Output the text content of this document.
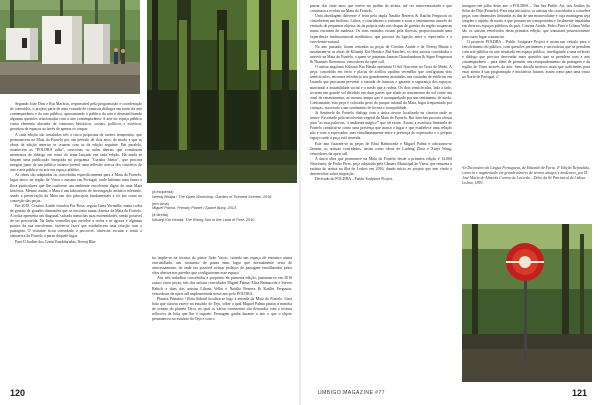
(à esquerda)
Neeraj Bhatia / The Open Workshop, Garden of Trunned Scenes, 2019
(em cima)
Miguel Palma, Primary Planet / Space Buoy, 2013
(à direita)
Kiluanji Kia Henda, The Rising Sun in the Land of Fear, 2010

Segundo João Dias e Rui Macário, responsável pela programação e coordenação de conteúdos, o projeto parte de uma vontade de construir diálogos em torno da arte contemporânea e da arte pública, aproximando o público da arte e desmistificando algumas questões relacionadas com a arte contemporânea. A arte no espaço público como elemento alavador de contextos históricos, sociais, políticos e estéticos, geradora de espaços ao ínvés de apenas os ocupar.

A cada edição são instalados três a cinco propostas de caráter temporário, que permanecem na Mata do Fontelo por um período de dois anos, de modo a que as obras da edição anterior se cruzem com as da edição seguinte. Em paralelo, acontecem as "POLDRA talks", conversas ou aulas abertas que constituem momentos de diálogo em torno do tema lançado em cada edição. Há ainda se lançam uma publicação integrada no programa "Curador Júnior", que procura integrar junto de um público infanto-juvenil uma reflexão acerca dos conceitos de arte e arte pública ou arte em espaço público.

As obras são adaptadas ou concebidas especificamente para a Mata do Fontelo, lugar único na região de Viseu e mesmo em Portugal, onde habitam uma fauna e flora particulares que lhe conferem um ambiente envolvente digno de uma Mata histórica. Mesmo assim, a Mata é um laboratório de investigação artística relevante, sendo a preservação da Mata um dos principais fundamentais a ter em conta na conceção das peças.

Em 2018, Cristina Ataíde instalou Por Rosa, seguiu Lima Vermelho numa rocha de granito de grandes dimensões que se encontra numa clareira da Mata do Fontelo. A rocha apresenta um diagonal, sulcada numa das suas extremidades, sendo possível de ser percorrida. Na linha vermelha que envolve a rocha e se agrava e algumas pontos da sua envolvente, fazem-se fazer que estabelecem uma relação com a paisagem. O visitante ficou convidado a percorrer, observar, escutar e sentir a atmosfera do Fontelo a partir daquele lugar.

Para O Jardim dos Cenas Emolduradas, Neeraj Bha-

tia impõe-se na técnica do pintor Grão Vasco, criando um espaço de encontro numa encruzilhada, um momento de pausa num lugar que normalmente seria de atravessamento, de onde era possível avistar pedaços de paisagem emoldurados pelos vãos abertos nas paredes que configuravam esse espaço.

Aos três trabalhos concebidos a propósito da primeira edição, juntaram-se em 2019 outros cinco peças, três dos artistas convidados Miguel Palma, Elisa Balmaceda e Steven Bakich e duas das artistas Liliana Velho e Natália Bezerra & Kaitlin Ferguson, vencedoras da open call implementada nesse ano pelo POLDRA.

Planeta Primário / Bóia Sideral localiza-se logo à entrada da Mata do Fontelo. Uma bóia que outrora esteve no estuário do Tejo, sobre a qual Miguel Palma pintou a mancha de oceano do planeta Terra, no qual os vários continentes são dessuidos com a textura reflexiva da bóia que lhe é suporte. Fernagem ganha durante o ano o que o objeto permaneceu no estuário do Tejo e com o

passar dos vinte anos que esteve no jardim do artista, até ser intervencionado e que continuou a evoluir na Mata do Fontelo.

Uma abordagem diferente é feita pela dupla Natália Bezerra & Kaitlin Ferguson ao conceberem um fitófono, Lithos, e convidarem o visitante a tocar o instrumento através do emitado de pequenos objetos ou da própria mão nas chapas de granito da região suspensas numa estrutura de madeira. Os sons emitidos ecoam pela floresta, proporcionando uma experiência multissensorial meditativa, que procura da ligação entre o espectador e a envolvente natural.

No ano passado, foram retiradas as peças de Cristina Ataíde e de Neeraj Bhatia e instalaram-se as obras de Kiluanji Kia Henda e Rui Sanches, os dois artistas convidados a intervir na Mata do Fontelo, a quem se juntaram Jazmin Charalambous & Signe Fergusson & Thanasis Ikonomou, vencedores da open call.

O artista angolano Kiluanji Kia Henda apresenta O Sol Nascente no Terra do Medo. A peça, concebida em ferro e placas de acrílico opalino vermelho que configuram dois semicírculos, encontra referência nos grandemente instalados nas varandas de edifícios em Luanda que procuram prevenir a entrada de intrusos e garantir a segurança dos espaços, marcando a instabilidade social e o medo que a rodeia. Os dois semicírculos, lado a lado, recriam um grande sol dividido em duas partes que alude ao nascimento do sol como um sinal de renascimento, ao mesmo tempo que é acompanhado por um sentimento de medo. Contrastante, esta peça é colocada perto do parque infantil da Mata, lugar frequentado por crianças, associado a um sentimento de leveza e tranquilidade.

Já Sentinela do Fontelo dialoga com a única árvore localizada na clareira onde se insere. Fascinado pela envolvente vegetal da Mata do Fontelo, Rui Sanches procura alertar para "as suas palavras, 'o ambiente mágico'" que ali existe. Assim, a escultura Sentinela do Fontelo constitui-se como uma presença que marca o lugar e que estabelece uma relação não e com o espectador, mas simultaneamente entre a presença do espectador e o próprio espaço onde a peça está inserida.

Este ano fixaram-se as peças de Elisa Balmaceda e Miguel Palma e adicionou-se Jazmin, os artistas convidados, assim como obras de Linfeng Zhou e Xinyi Wang, vencedores da open call.

A única obra que permanece na Mata do Fontelo desde a primeira edição é 14.000 Neurônios, de Pedro Pires, peça adquirida pela Câmara Municipal de Viseu, que remonta à estátua do artista na ilha de Lesbos em 2016, dando início ao projeto que tem vindo a desenvolver sobre migração.

Derivado do POLDRA – Public Sculpture Project,

inauguro em julho deste ano o POLDRA – Van Sze Public Art, nos Jardins do Solar do Dão (Fontelo). Para esta iniciativa, os artistas são convidados a conceber peças com dimensões limitadas às das de um monovolume e cuja montagem seja simples e rápida, de modo a que possam ser transportadas e facilmente instaladas em diversos espaços públicos do país. Cristina Ataíde, Pedro Pires e Liliana Velho são os artistas envolvidos desta primeira edição, que transitará posteriormente para outro lugar a anunciar.

O projecto POLDRA – Public Sculpture Project é assim um veículo para o envolvimento do público, com questões pertinentes e necessárias que se prendem com arte pública ou arte instalada em espaço público, interligando a uma reflexão e diálogo que procura desvendar mais questões que se prendem com a arte contemporânea – para além de permitir um reenquadramento da paisagem e da região de Viseu através da arte. Sem dúvida motivos mais que suficientes para estar atento à sua programação e iniciativas futuras, assim como para uma visita ao Norte de Portugal. //

¹In Dicionário da Língua Portuguesa, de Eduardo de Faria. 4ª Edição Refundida, correcto e augmentado em grande número de termos antigos e modernos, por D. José Maria de Almeida Correia de Lacerda – Delio da Sé Patriarcal de Lisboa. Lisboa, 1859.
120	UMBIGO MAGAZINE #77	121
